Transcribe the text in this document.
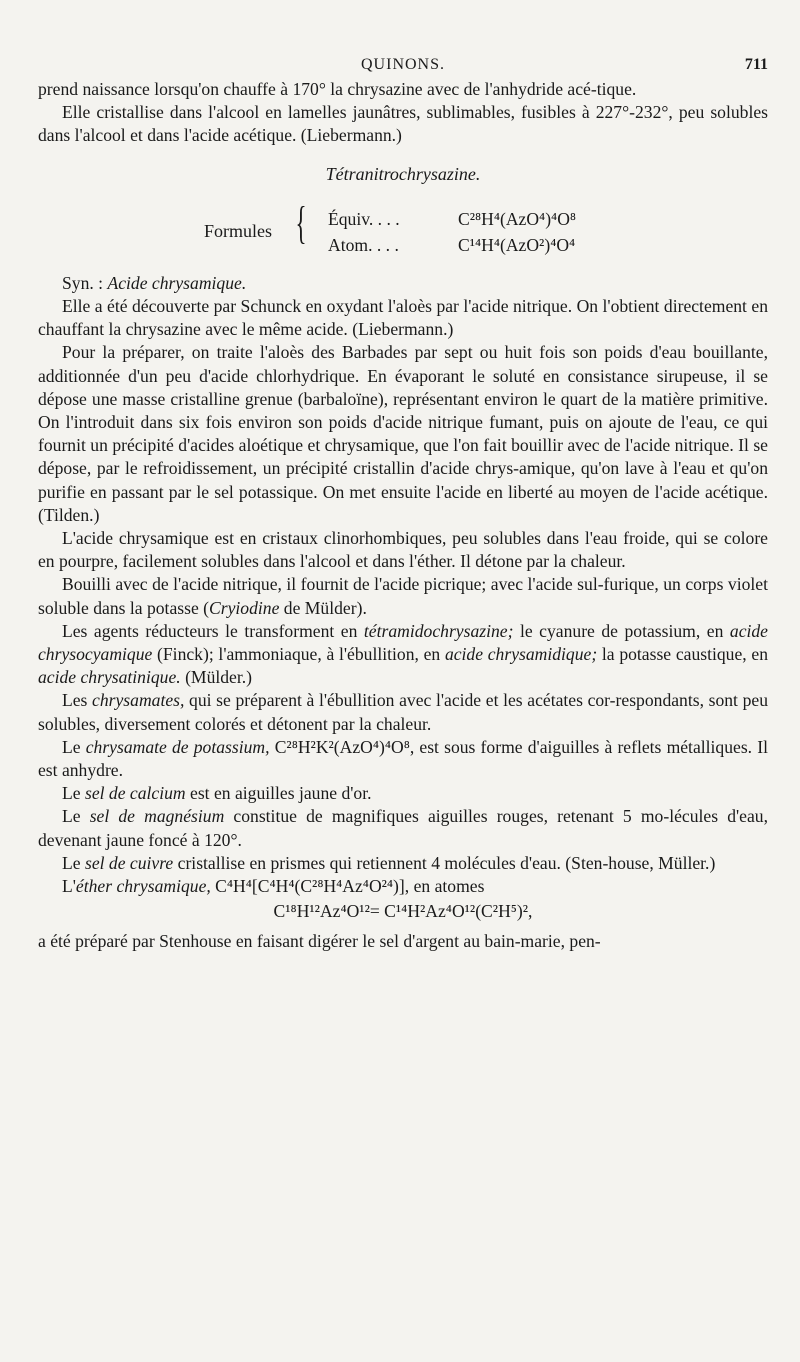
QUINONS.	711

prend naissance lorsqu'on chauffe à 170° la chrysazine avec de l'anhydride acé-tique.

Elle cristallise dans l'alcool en lamelles jaunâtres, sublimables, fusibles à 227°-232°, peu solubles dans l'alcool et dans l'acide acétique. (Liebermann.)

Tétranitrochrysazine.

Formules { Équiv. . . .	C²⁸H⁴(AzO⁴)⁴O⁸
Atom. . . .	C¹⁴H⁴(AzO²)⁴O⁴

Syn. : Acide chrysamique.

Elle a été découverte par Schunck en oxydant l'aloès par l'acide nitrique. On l'obtient directement en chauffant la chrysazine avec le même acide. (Liebermann.)

Pour la préparer, on traite l'aloès des Barbades par sept ou huit fois son poids d'eau bouillante, additionnée d'un peu d'acide chlorhydrique. En évaporant le soluté en consistance sirupeuse, il se dépose une masse cristalline grenue (barbaloïne), représentant environ le quart de la matière primitive. On l'introduit dans six fois environ son poids d'acide nitrique fumant, puis on ajoute de l'eau, ce qui fournit un précipité d'acides aloétique et chrysamique, que l'on fait bouillir avec de l'acide nitrique. Il se dépose, par le refroidissement, un précipité cristallin d'acide chrys-amique, qu'on lave à l'eau et qu'on purifie en passant par le sel potassique. On met ensuite l'acide en liberté au moyen de l'acide acétique. (Tilden.)

L'acide chrysamique est en cristaux clinorhombiques, peu solubles dans l'eau froide, qui se colore en pourpre, facilement solubles dans l'alcool et dans l'éther. Il détone par la chaleur.

Bouilli avec de l'acide nitrique, il fournit de l'acide picrique; avec l'acide sul-furique, un corps violet soluble dans la potasse (Cryiodine de Mülder).

Les agents réducteurs le transforment en tétramidochrysazine; le cyanure de potassium, en acide chrysocyamique (Finck); l'ammoniaque, à l'ébullition, en acide chrysamidique; la potasse caustique, en acide chrysatinique. (Mülder.)

Les chrysamates, qui se préparent à l'ébullition avec l'acide et les acétates cor-respondants, sont peu solubles, diversement colorés et détonent par la chaleur.

Le chrysamate de potassium, C²⁸H²K²(AzO⁴)⁴O⁸, est sous forme d'aiguilles à reflets métalliques. Il est anhydre.

Le sel de calcium est en aiguilles jaune d'or.

Le sel de magnésium constitue de magnifiques aiguilles rouges, retenant 5 mo-lécules d'eau, devenant jaune foncé à 120°.

Le sel de cuivre cristallise en prismes qui retiennent 4 molécules d'eau. (Sten-house, Müller.)

L'éther chrysamique, C⁴H⁴[C⁴H⁴(C²⁸H⁴Az⁴O²⁴)], en atomes

C¹⁸H¹²Az⁴O¹²= C¹⁴H²Az⁴O¹²(C²H⁵)²,

a été préparé par Stenhouse en faisant digérer le sel d'argent au bain-marie, pen-
